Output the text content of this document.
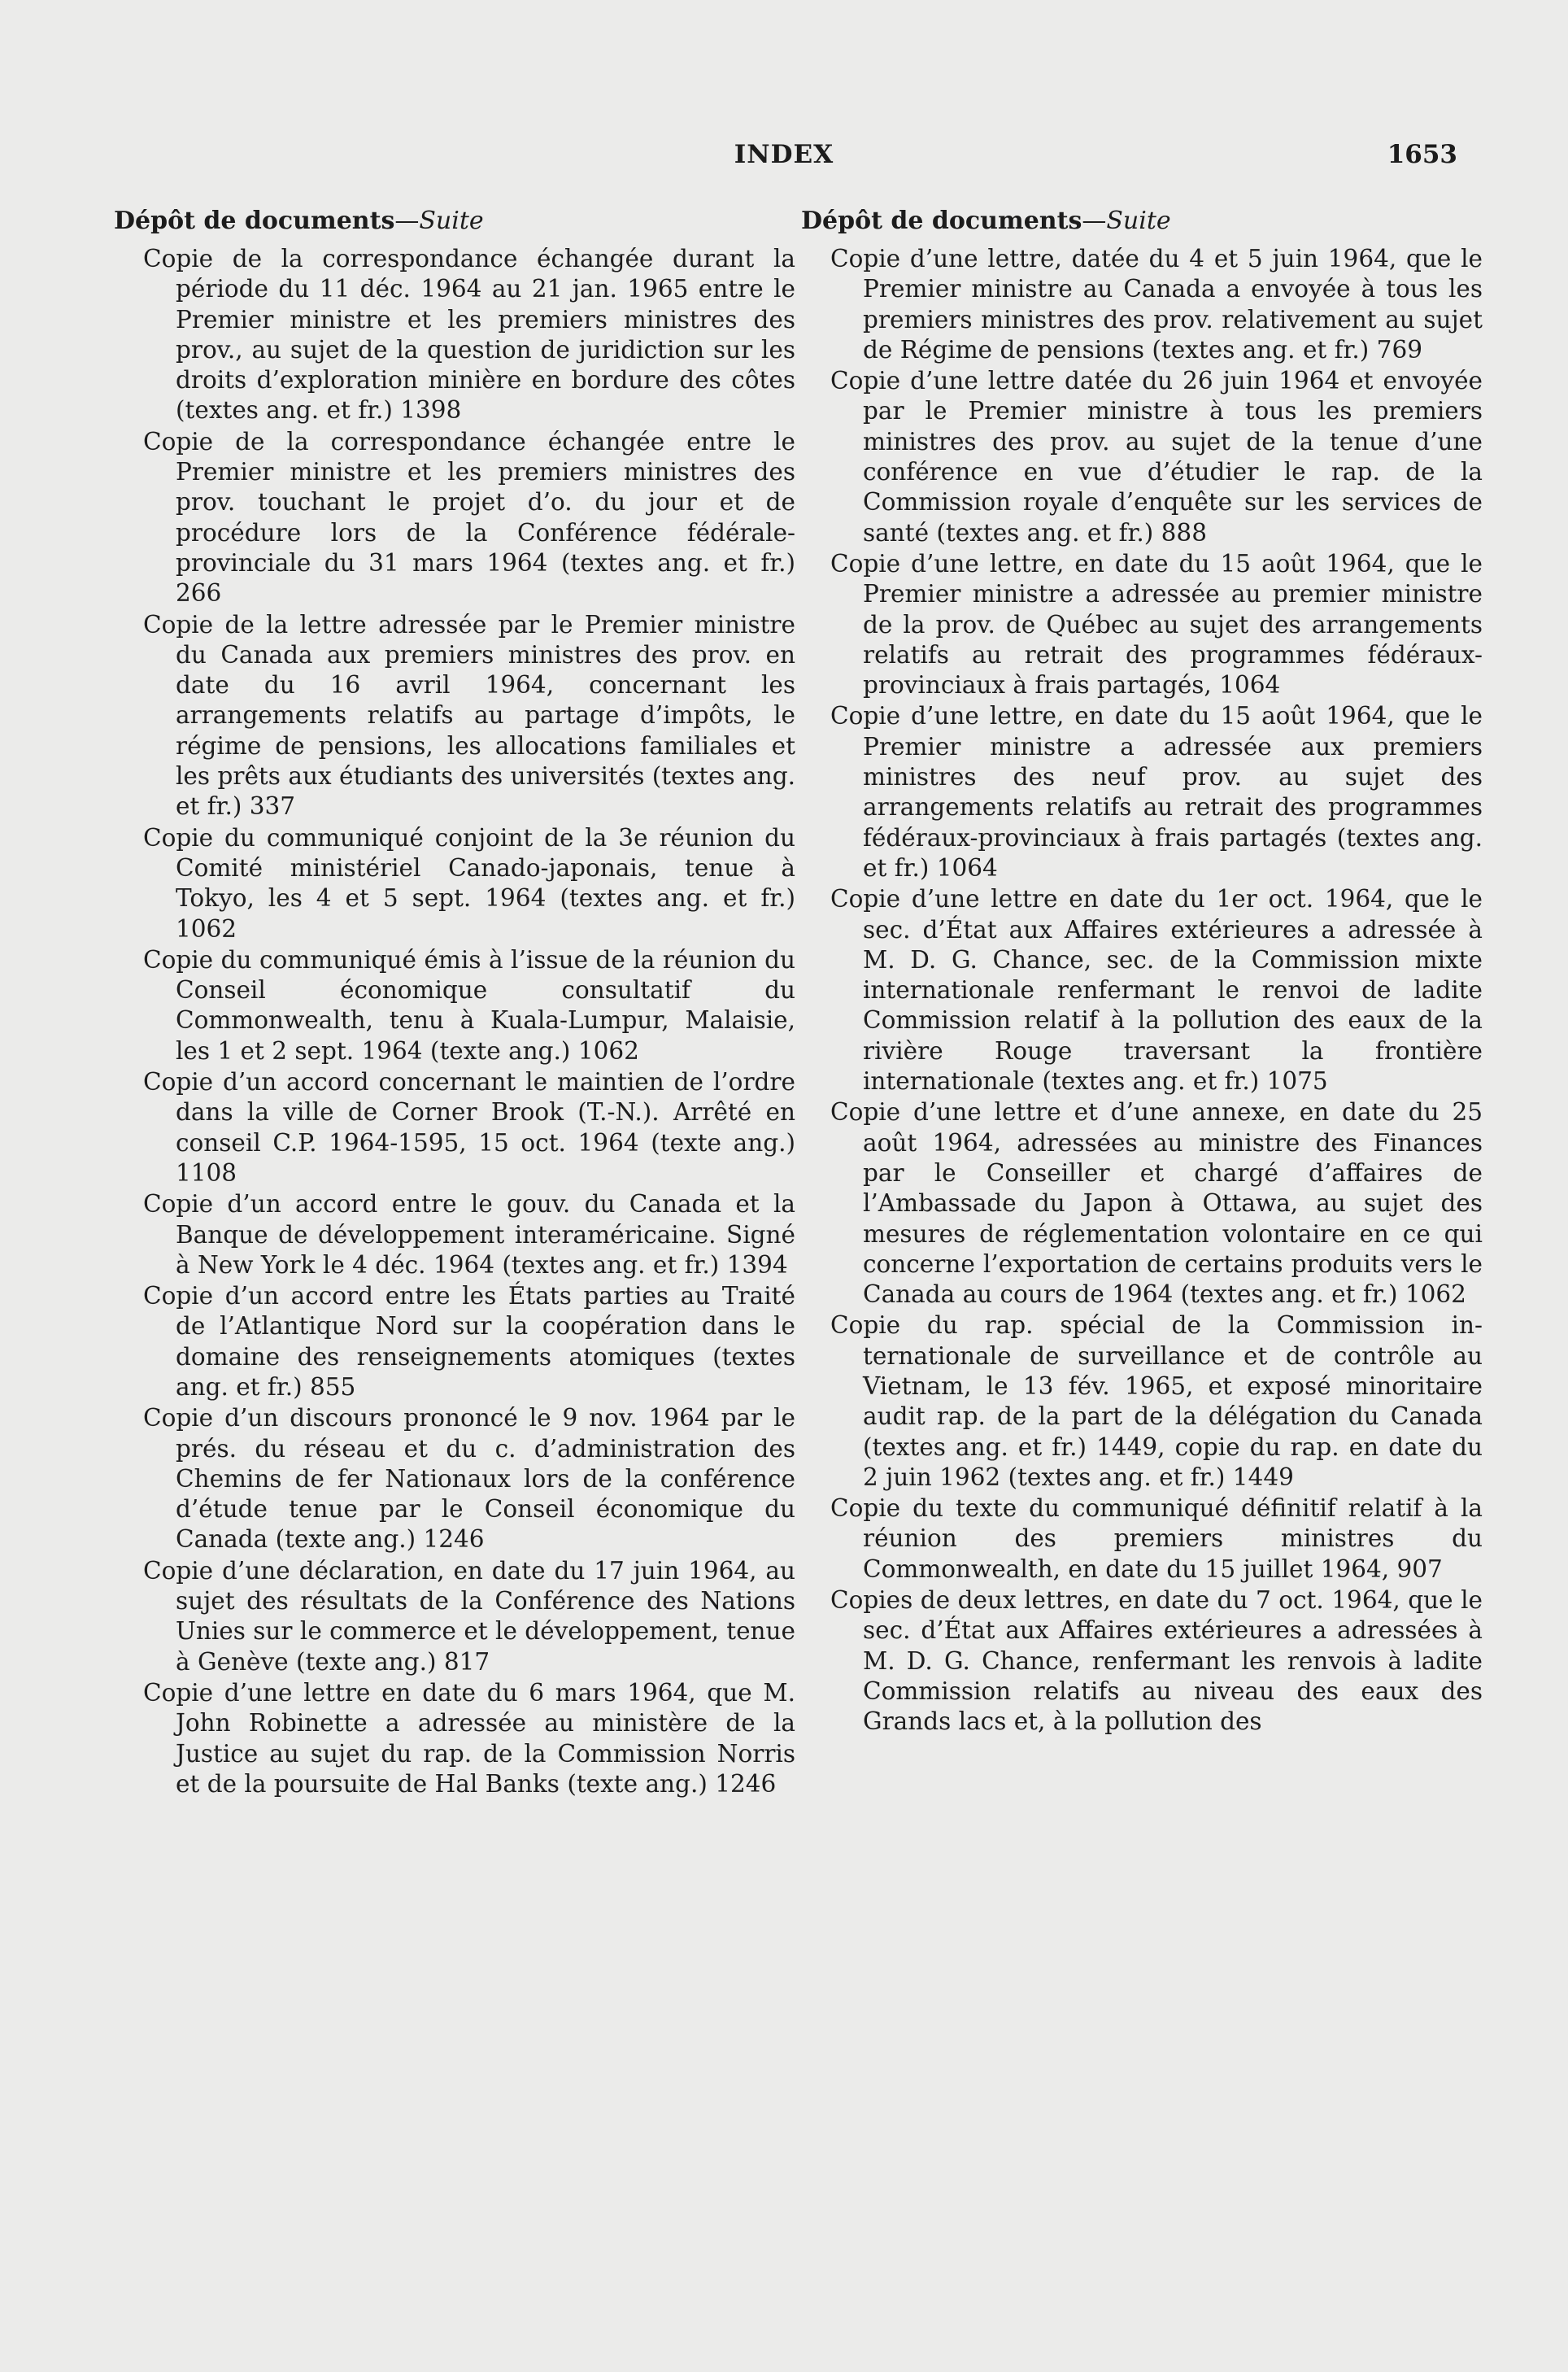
INDEX	1653
Dépôt de documents—Suite
Copie de la correspondance échangée durant la période du 11 déc. 1964 au 21 jan. 1965 entre le Premier ministre et les premiers ministres des prov., au sujet de la question de juridiction sur les droits d’exploration minière en bordure des côtes (textes ang. et fr.) 1398
Copie de la correspondance échangée entre le Premier ministre et les premiers ministres des prov. touchant le projet d’o. du jour et de procédure lors de la Conférence fédérale-provinciale du 31 mars 1964 (textes ang. et fr.) 266
Copie de la lettre adressée par le Premier ministre du Canada aux premiers ministres des prov. en date du 16 avril 1964, concernant les arrangements relatifs au partage d’impôts, le régime de pensions, les allocations familiales et les prêts aux étudiants des universités (textes ang. et fr.) 337
Copie du communiqué conjoint de la 3e réunion du Comité ministériel Canado-japonais, tenue à Tokyo, les 4 et 5 sept. 1964 (textes ang. et fr.) 1062
Copie du communiqué émis à l’issue de la réunion du Conseil économique consultatif du Commonwealth, tenu à Kuala-Lumpur, Malaisie, les 1 et 2 sept. 1964 (texte ang.) 1062
Copie d’un accord concernant le maintien de l’ordre dans la ville de Corner Brook (T.-N.). Arrêté en conseil C.P. 1964-1595, 15 oct. 1964 (texte ang.) 1108
Copie d’un accord entre le gouv. du Canada et la Banque de développement interaméricaine. Signé à New York le 4 déc. 1964 (textes ang. et fr.) 1394
Copie d’un accord entre les États parties au Traité de l’Atlantique Nord sur la coopération dans le domaine des renseignements atomiques (textes ang. et fr.) 855
Copie d’un discours prononcé le 9 nov. 1964 par le prés. du réseau et du c. d’administration des Chemins de fer Nationaux lors de la conférence d’étude tenue par le Conseil économique du Canada (texte ang.) 1246
Copie d’une déclaration, en date du 17 juin 1964, au sujet des résultats de la Conférence des Nations Unies sur le commerce et le développement, tenue à Genève (texte ang.) 817
Copie d’une lettre en date du 6 mars 1964, que M. John Robinette a adressée au ministère de la Justice au sujet du rap. de la Commission Norris et de la poursuite de Hal Banks (texte ang.) 1246
Dépôt de documents—Suite
Copie d’une lettre, datée du 4 et 5 juin 1964, que le Premier ministre au Canada a envoyée à tous les premiers ministres des prov. relativement au sujet de Régime de pensions (textes ang. et fr.) 769
Copie d’une lettre datée du 26 juin 1964 et envoyée par le Premier ministre à tous les premiers ministres des prov. au sujet de la tenue d’une conférence en vue d’étudier le rap. de la Commission royale d’enquête sur les services de santé (textes ang. et fr.) 888
Copie d’une lettre, en date du 15 août 1964, que le Premier ministre a adressée au premier ministre de la prov. de Québec au sujet des arrangements relatifs au retrait des programmes fédéraux-provinciaux à frais partagés, 1064
Copie d’une lettre, en date du 15 août 1964, que le Premier ministre a adressée aux premiers ministres des neuf prov. au sujet des arrangements relatifs au retrait des programmes fédéraux-provinciaux à frais partagés (textes ang. et fr.) 1064
Copie d’une lettre en date du 1er oct. 1964, que le sec. d’État aux Affaires extérieures a adressée à M. D. G. Chance, sec. de la Commission mixte internationale renfermant le renvoi de ladite Commission relatif à la pollution des eaux de la rivière Rouge traversant la frontière internationale (textes ang. et fr.) 1075
Copie d’une lettre et d’une annexe, en date du 25 août 1964, adressées au ministre des Finances par le Conseiller et chargé d’affaires de l’Ambassade du Japon à Ottawa, au sujet des mesures de réglementation volontaire en ce qui concerne l’exportation de certains produits vers le Canada au cours de 1964 (textes ang. et fr.) 1062
Copie du rap. spécial de la Commission internationale de surveillance et de contrôle au Vietnam, le 13 fév. 1965, et exposé minoritaire audit rap. de la part de la délégation du Canada (textes ang. et fr.) 1449, copie du rap. en date du 2 juin 1962 (textes ang. et fr.) 1449
Copie du texte du communiqué définitif relatif à la réunion des premiers ministres du Commonwealth, en date du 15 juillet 1964, 907
Copies de deux lettres, en date du 7 oct. 1964, que le sec. d’État aux Affaires extérieures a adressées à M. D. G. Chance, renfermant les renvois à ladite Commission relatifs au niveau des eaux des Grands lacs et, à la pollution des
